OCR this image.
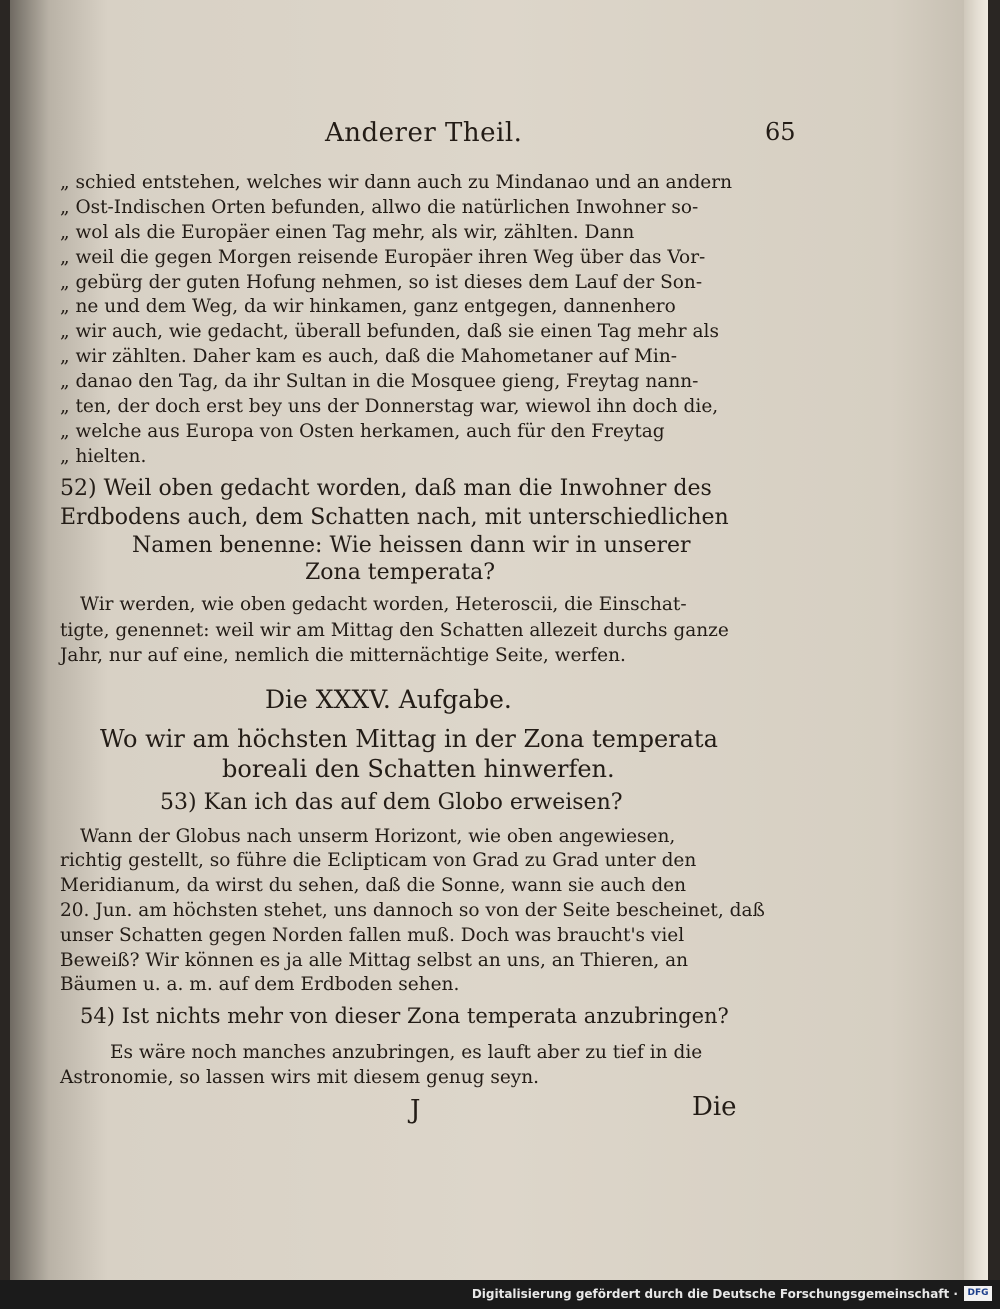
Anderer Theil.	65
„ schied entstehen, welches wir dann auch zu Mindanao und an andern
„ Ost-Indischen Orten befunden, allwo die natürlichen Inwohner so-
„ wol als die Europäer einen Tag mehr, als wir, zählten. Dann
„ weil die gegen Morgen reisende Europäer ihren Weg über das Vor-
„ gebürg der guten Hofung nehmen, so ist dieses dem Lauf der Son-
„ ne und dem Weg, da wir hinkamen, ganz entgegen, dannenhero
„ wir auch, wie gedacht, überall befunden, daß sie einen Tag mehr als
„ wir zählten. Daher kam es auch, daß die Mahometaner auf Min-
„ danao den Tag, da ihr Sultan in die Mosquee gieng, Freytag nann-
„ ten, der doch erst bey uns der Donnerstag war, wiewol ihn doch die,
„ welche aus Europa von Osten herkamen, auch für den Freytag
„ hielten.
52) Weil oben gedacht worden, daß man die Inwohner des
Erdbodens auch, dem Schatten nach, mit unterschiedlichen
Namen benenne: Wie heissen dann wir in unserer
Zona temperata?
Wir werden, wie oben gedacht worden, Heteroscii, die Einschat-
tigte, genennet: weil wir am Mittag den Schatten allezeit durchs ganze
Jahr, nur auf eine, nemlich die mitternächtige Seite, werfen.
Die XXXV. Aufgabe.
Wo wir am höchsten Mittag in der Zona temperata
boreali den Schatten hinwerfen.
53) Kan ich das auf dem Globo erweisen?
Wann der Globus nach unserm Horizont, wie oben angewiesen,
richtig gestellt, so führe die Eclipticam von Grad zu Grad unter den
Meridianum, da wirst du sehen, daß die Sonne, wann sie auch den
20. Jun. am höchsten stehet, uns dannoch so von der Seite bescheinet, daß
unser Schatten gegen Norden fallen muß. Doch was braucht's viel
Beweiß? Wir können es ja alle Mittag selbst an uns, an Thieren, an
Bäumen u. a. m. auf dem Erdboden sehen.
54) Ist nichts mehr von dieser Zona temperata anzubringen?
Es wäre noch manches anzubringen, es lauft aber zu tief in die
Astronomie, so lassen wirs mit diesem genug seyn.
J	Die
Digitalisierung gefördert durch die Deutsche Forschungsgemeinschaft ·	DFG
